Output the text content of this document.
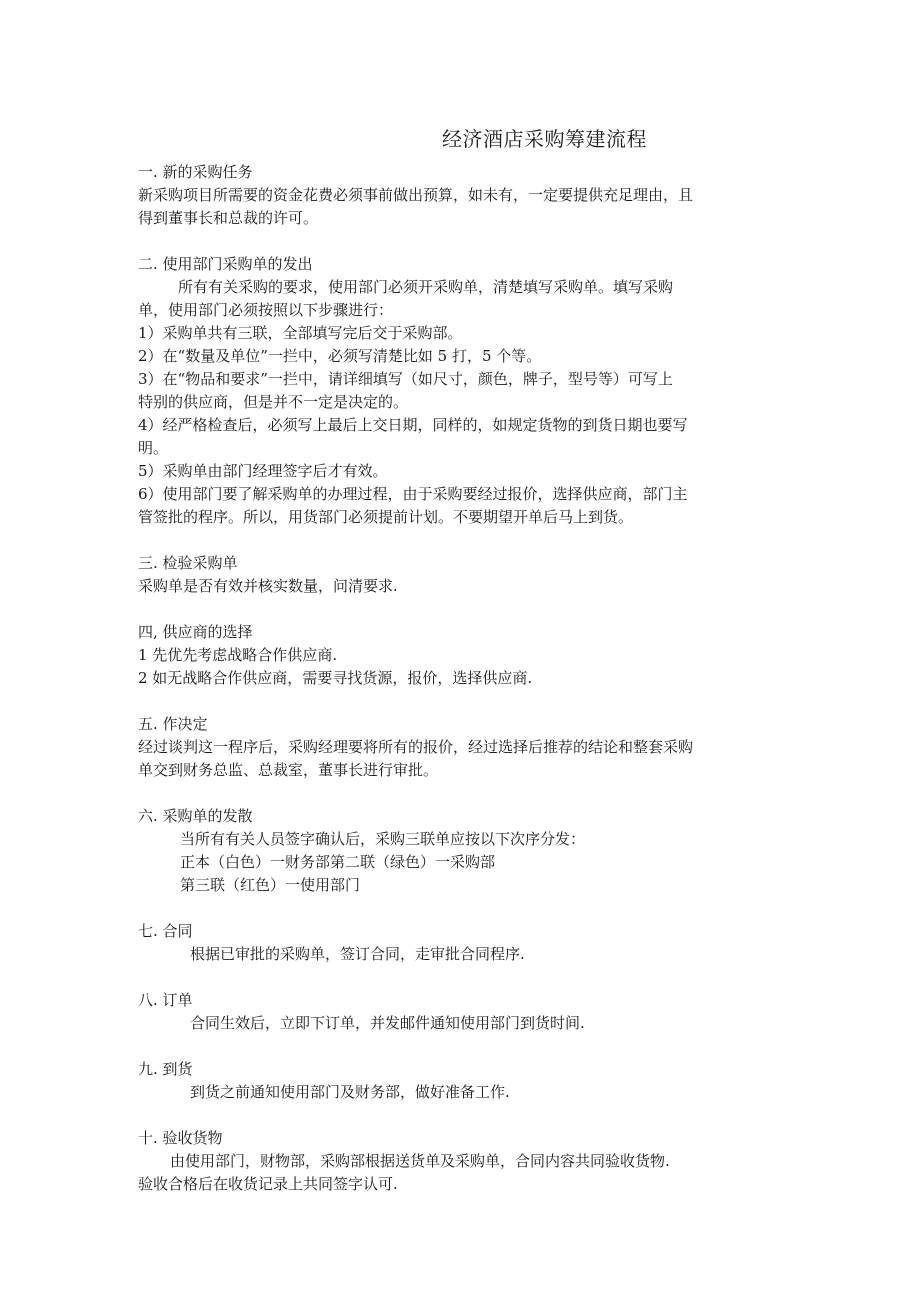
经济酒店采购筹建流程
一. 新的采购任务
新采购项目所需要的资金花费必须事前做出预算，如未有，一定要提供充足理由，且
得到董事长和总裁的许可。
二. 使用部门采购单的发出
所有有关采购的要求，使用部门必须开采购单，清楚填写采购单。填写采购
单，使用部门必须按照以下步骤进行：
1）采购单共有三联，全部填写完后交于采购部。
2）在“数量及单位”一拦中，必须写清楚比如 5 打，5 个等。
3）在“物品和要求”一拦中，请详细填写（如尺寸，颜色，牌子，型号等）可写上
特别的供应商，但是并不一定是决定的。
4）经严格检查后，必须写上最后上交日期，同样的，如规定货物的到货日期也要写
明。
5）采购单由部门经理签字后才有效。
6）使用部门要了解采购单的办理过程，由于采购要经过报价，选择供应商，部门主
管签批的程序。所以，用货部门必须提前计划。不要期望开单后马上到货。
三. 检验采购单
采购单是否有效并核实数量，问清要求.
四, 供应商的选择
1 先优先考虑战略合作供应商.
2 如无战略合作供应商，需要寻找货源，报价，选择供应商.
五. 作决定
经过谈判这一程序后，采购经理要将所有的报价，经过选择后推荐的结论和整套采购
单交到财务总监、总裁室，董事长进行审批。
六. 采购单的发散
当所有有关人员签字确认后，采购三联单应按以下次序分发：
正本（白色）一财务部第二联（绿色）一采购部
第三联（红色）一使用部门
七. 合同
根据已审批的采购单，签订合同，走审批合同程序.
八. 订单
合同生效后，立即下订单，并发邮件通知使用部门到货时间.
九. 到货
到货之前通知使用部门及财务部，做好准备工作.
十. 验收货物
由使用部门，财物部，采购部根据送货单及采购单，合同内容共同验收货物.
验收合格后在收货记录上共同签字认可.
